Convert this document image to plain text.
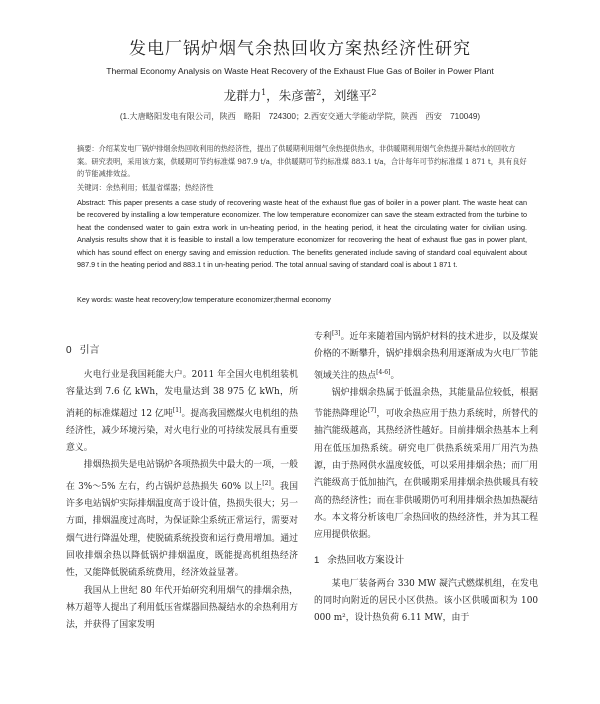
发电厂锅炉烟气余热回收方案热经济性研究
Thermal Economy Analysis on Waste Heat Recovery of the Exhaust Flue Gas of Boiler in Power Plant
龙群力$^1$，朱彦蕾$^2$，刘继平$^2$
(1.大唐略阳发电有限公司，陕西　略阳　724300；2.西安交通大学能动学院，陕西　西安　710049)
摘要：介绍某发电厂锅炉排烟余热回收利用的热经济性，提出了供暖期利用烟气余热提供热水，非供暖期利用烟气余热提升凝结水的回收方案。研究表明，采用该方案，供暖期可节约标准煤 987.9 t/a，非供暖期可节约标准煤 883.1 t/a，合计每年可节约标准煤 1 871 t，具有良好的节能减排效益。
关键词：余热利用；低温省煤器；热经济性
Abstract: This paper presents a case study of recovering waste heat of the exhaust flue gas of boiler in a power plant. The waste heat can be recovered by installing a low temperature economizer. The low temperature economizer can save the steam extracted from the turbine to heat the condensed water to gain extra work in un-heating period, in the heating period, it heat the circulating water for civilian using. Analysis results show that it is feasible to install a low temperature economizer for recovering the heat of exhaust flue gas in power plant, which has sound effect on energy saving and emission reduction. The benefits generated include saving of standard coal equivalent about 987.9 t in the heating period and 883.1 t in un-heating period. The total annual saving of standard coal is about 1 871 t.
Key words: waste heat recovery;low temperature economizer;thermal economy
0 引言

火电行业是我国耗能大户。2011 年全国火电机组装机容量达到 7.6 亿 kWh，发电量达到 38 975 亿 kWh，所消耗的标准煤超过 12 亿吨[1]。提高我国燃煤火电机组的热经济性，减少环境污染，对火电行业的可持续发展具有重要意义。

排烟热损失是电站锅炉各项热损失中最大的一项，一般在 3%～5% 左右，约占锅炉总热损失 60% 以上[2]。我国许多电站锅炉实际排烟温度高于设计值，热损失很大；另一方面，排烟温度过高时，为保证除尘系统正常运行，需要对烟气进行降温处理，使脱硫系统投资和运行费用增加。通过回收排烟余热以降低锅炉排烟温度，既能提高机组热经济性，又能降低脱硫系统费用，经济效益显著。

我国从上世纪 80 年代开始研究利用烟气的排烟余热，林万超等人提出了利用低压省煤器回热凝结水的余热利用方法，并获得了国家发明

专利[3]。近年来随着国内锅炉材料的技术进步，以及煤炭价格的不断攀升，锅炉排烟余热利用逐渐成为火电厂节能领域关注的热点[4-6]。

锅炉排烟余热属于低温余热，其能量品位较低，根据节能热降理论[7]，可收余热应用于热力系统时，所替代的抽汽能级越高，其热经济性越好。目前排烟余热基本上利用在低压加热系统。研究电厂供热系统采用厂用汽为热源，由于热网供水温度较低，可以采用排烟余热；而厂用汽能级高于低加抽汽，在供暖期采用排烟余热供暖具有较高的热经济性；而在非供暖期仍可利用排烟余热加热凝结水。本文将分析该电厂余热回收的热经济性，并为其工程应用提供依据。

1 余热回收方案设计

某电厂装备两台 330 MW 凝汽式燃煤机组，在发电的同时向附近的居民小区供热。该小区供暖面积为 100 000 m²，设计热负荷 6.11 MW，由于
